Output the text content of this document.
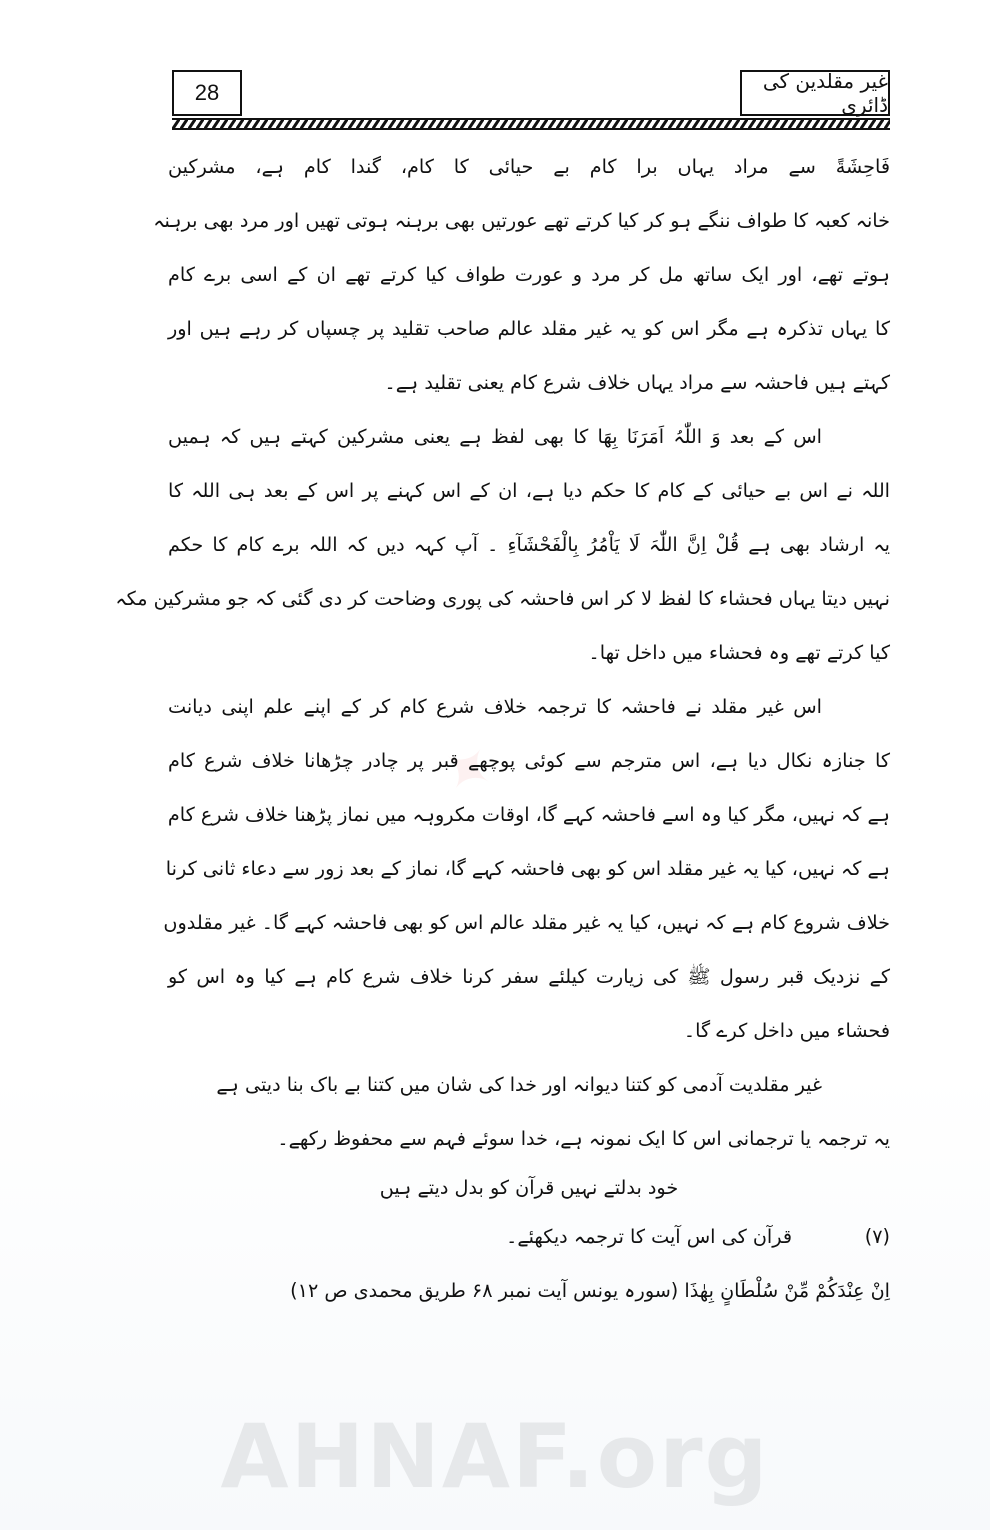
28	غیر مقلدین کی ڈائری
✦
فَاحِشَةً سے مراد یہاں برا کام بے حیائی کا کام، گندا کام ہے، مشرکین
خانہ کعبہ کا طواف ننگے ہو کر کیا کرتے تھے عورتیں بھی برہنہ ہوتی تھیں اور مرد بھی برہنہ
ہوتے تھے، اور ایک ساتھ مل کر مرد و عورت طواف کیا کرتے تھے ان کے اسی برے کام
کا یہاں تذکرہ ہے مگر اس کو یہ غیر مقلد عالم صاحب تقلید پر چسپاں کر رہے ہیں اور
کہتے ہیں فاحشہ سے مراد یہاں خلاف شرع کام یعنی تقلید ہے۔
اس کے بعد وَ اللّٰہُ اَمَرَنَا بِھَا کا بھی لفظ ہے یعنی مشرکین کہتے ہیں کہ ہمیں
اللہ نے اس بے حیائی کے کام کا حکم دیا ہے، ان کے اس کہنے پر اس کے بعد ہی اللہ کا
یہ ارشاد بھی ہے قُلْ اِنَّ اللّٰہَ لَا یَاْمُرُ بِالْفَحْشَآءِ ۔ آپ کہہ دیں کہ اللہ برے کام کا حکم
نہیں دیتا یہاں فحشاء کا لفظ لا کر اس فاحشہ کی پوری وضاحت کر دی گئی کہ جو مشرکین مکہ
کیا کرتے تھے وہ فحشاء میں داخل تھا۔
اس غیر مقلد نے فاحشہ کا ترجمہ خلاف شرع کام کر کے اپنے علم اپنی دیانت
کا جنازہ نکال دیا ہے، اس مترجم سے کوئی پوچھے قبر پر چادر چڑھانا خلاف شرع کام
ہے کہ نہیں، مگر کیا وہ اسے فاحشہ کہے گا، اوقات مکروہہ میں نماز پڑھنا خلاف شرع کام
ہے کہ نہیں، کیا یہ غیر مقلد اس کو بھی فاحشہ کہے گا، نماز کے بعد زور سے دعاء ثانی کرنا
خلاف شروع کام ہے کہ نہیں، کیا یہ غیر مقلد عالم اس کو بھی فاحشہ کہے گا۔ غیر مقلدوں
کے نزدیک قبر رسول ﷺ کی زیارت کیلئے سفر کرنا خلاف شرع کام ہے کیا وہ اس کو
فحشاء میں داخل کرے گا۔
غیر مقلدیت آدمی کو کتنا دیوانہ اور خدا کی شان میں کتنا بے باک بنا دیتی ہے
یہ ترجمہ یا ترجمانی اس کا ایک نمونہ ہے، خدا سوئے فہم سے محفوظ رکھے۔
خود بدلتے نہیں قرآن کو بدل دیتے ہیں
(۷)
قرآن کی اس آیت کا ترجمہ دیکھئے۔
اِنْ عِنْدَکُمْ مِّنْ سُلْطَانٍ بِھٰذَا (سورہ یونس آیت نمبر ۶۸ طریق محمدی ص ۱۲)
AHNAF.org
